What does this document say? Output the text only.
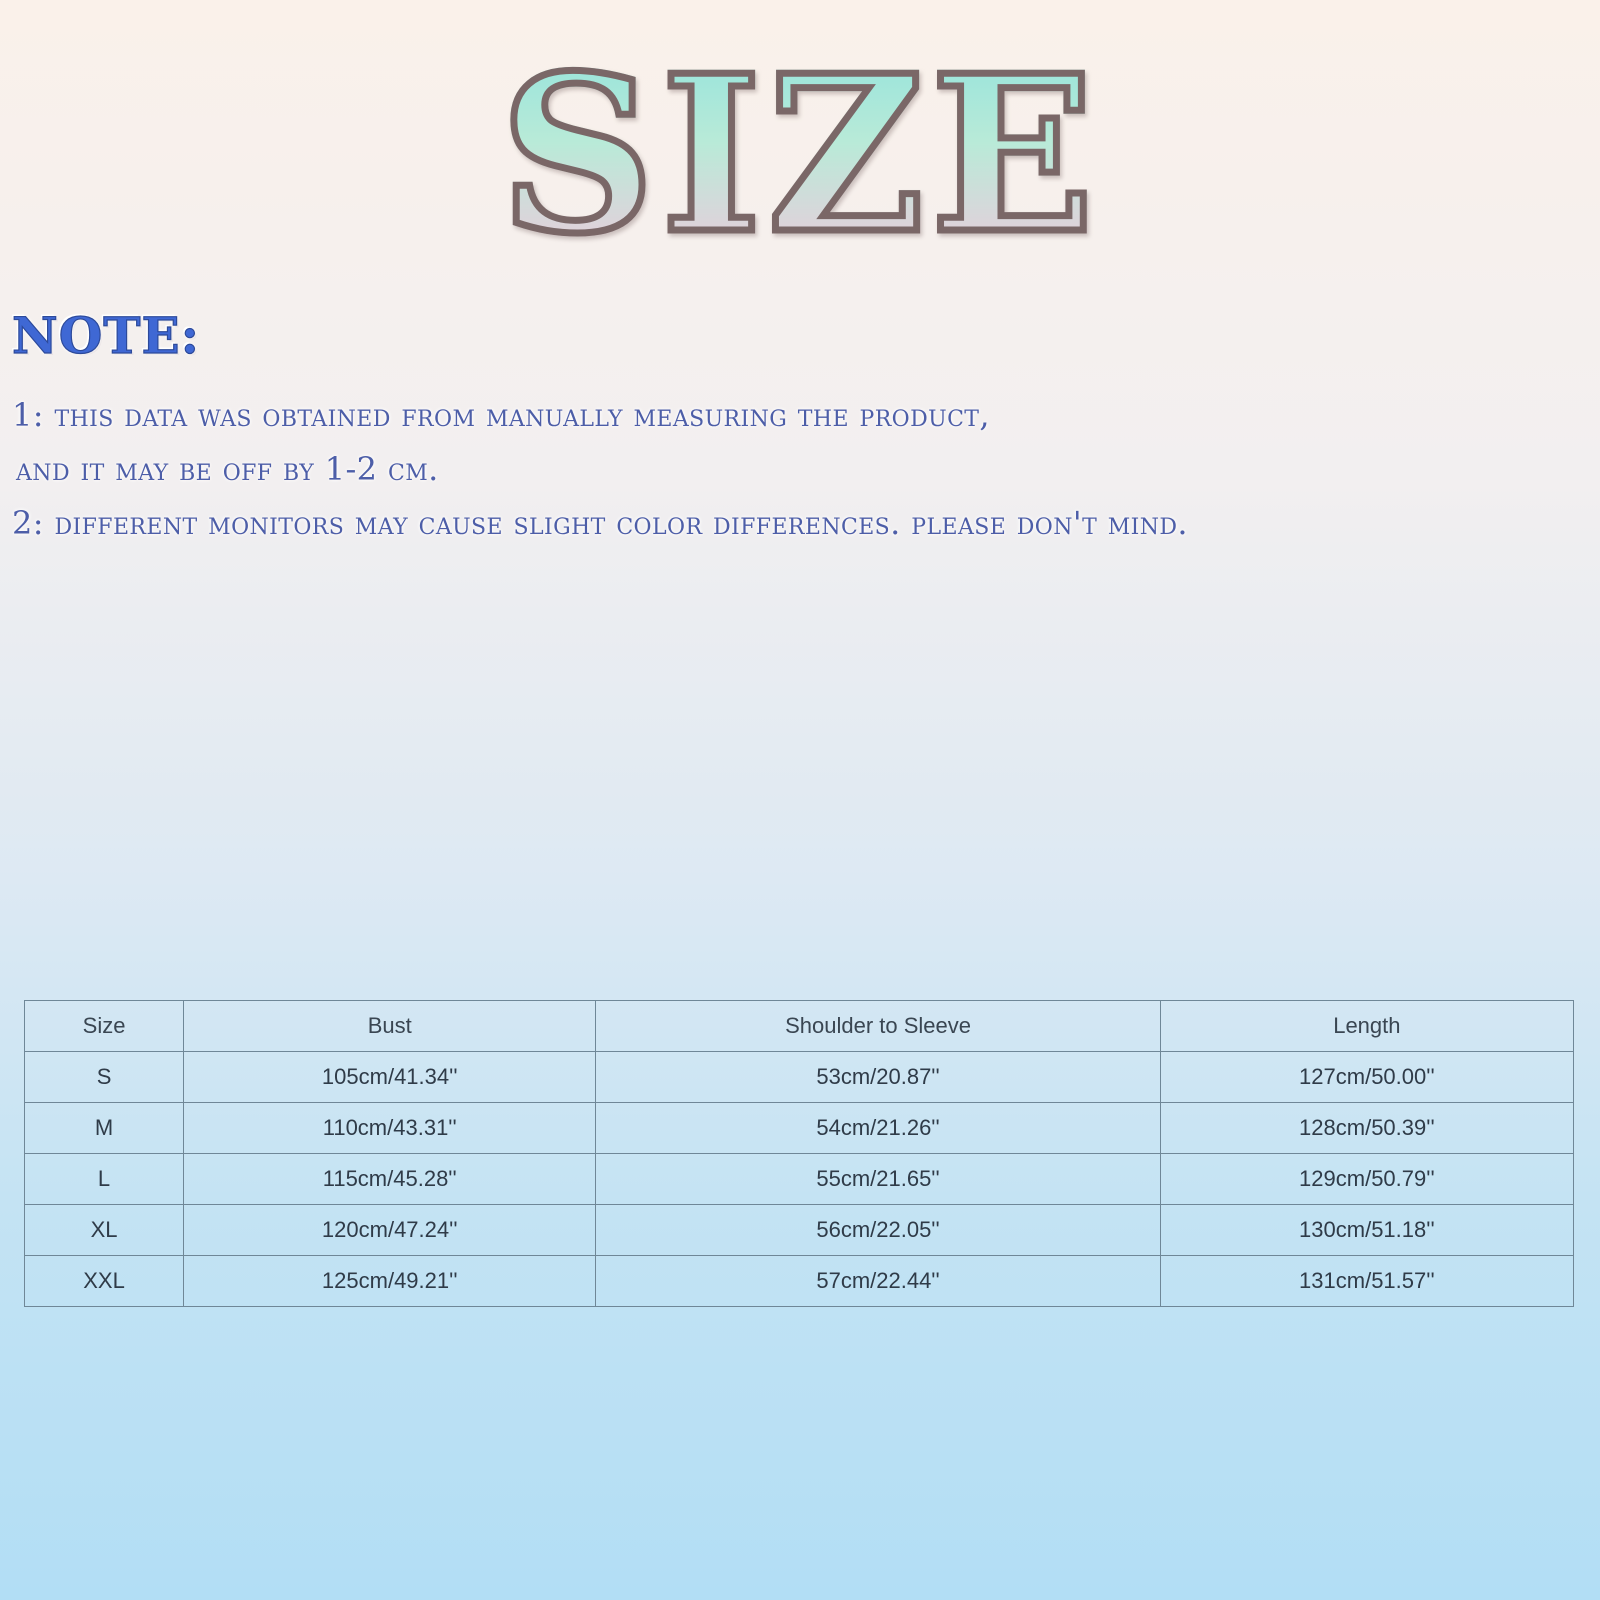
SIZE
NOTE:
1: this data was obtained from manually measuring the product,
and it may be off by 1-2 cm.
2: different monitors may cause slight color differences. please don't mind.
Size	Bust	Shoulder to Sleeve	Length
S	105cm/41.34''	53cm/20.87''	127cm/50.00''
M	110cm/43.31''	54cm/21.26''	128cm/50.39''
L	115cm/45.28''	55cm/21.65''	129cm/50.79''
XL	120cm/47.24''	56cm/22.05''	130cm/51.18''
XXL	125cm/49.21''	57cm/22.44''	131cm/51.57''
